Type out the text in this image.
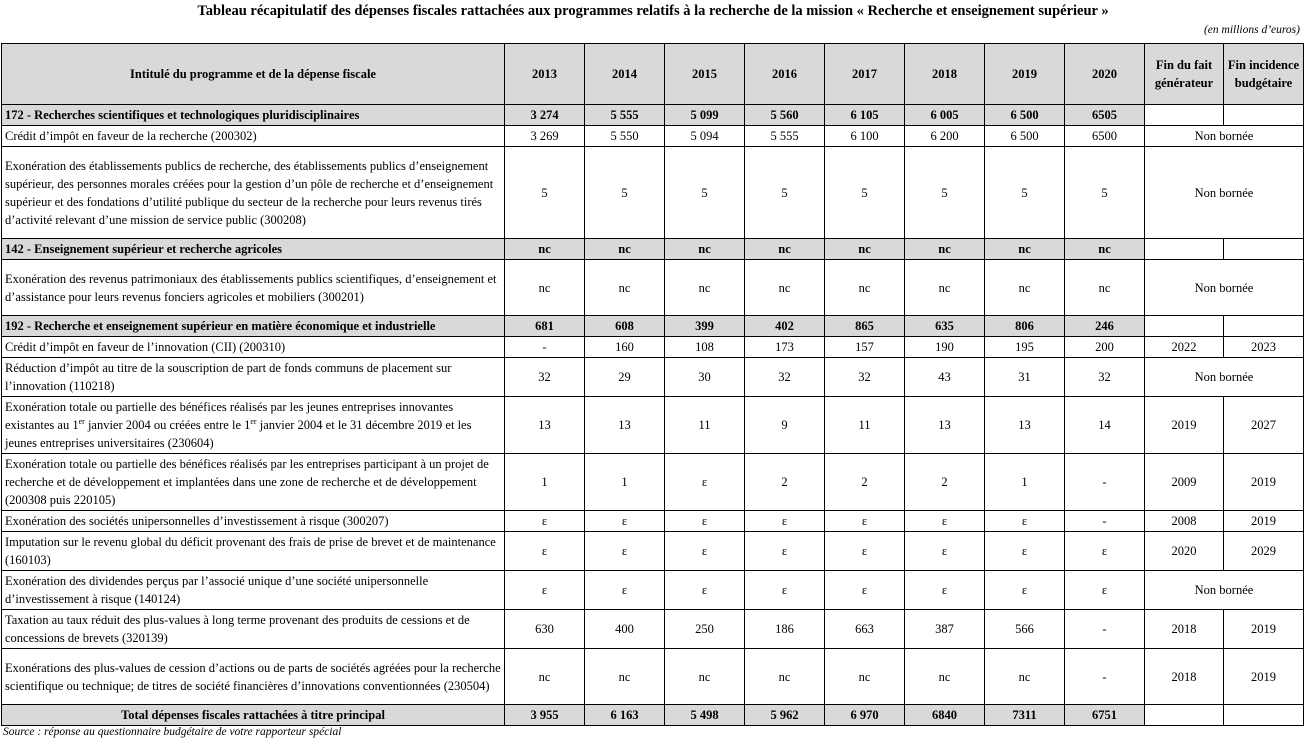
Tableau récapitulatif des dépenses fiscales rattachées aux programmes relatifs à la recherche de la mission « Recherche et enseignement supérieur »
(en millions d’euros)
Intitulé du programme et de la dépense fiscale	2013	2014	2015	2016	2017	2018	2019	2020	Fin du fait générateur	Fin incidence budgétaire
172 - Recherches scientifiques et technologiques pluridisciplinaires	3 274	5 555	5 099	5 560	6 105	6 005	6 500	6505		
Crédit d’impôt en faveur de la recherche (200302)	3 269	5 550	5 094	5 555	6 100	6 200	6 500	6500	Non bornée	
Exonération des établissements publics de recherche, des établissements publics d’enseignement supérieur, des personnes morales créées pour la gestion d’un pôle de recherche et d’enseignement supérieur et des fondations d’utilité publique du secteur de la recherche pour leurs revenus tirés d’activité relevant d’une mission de service public (300208)	5	5	5	5	5	5	5	5	Non bornée	
142 - Enseignement supérieur et recherche agricoles	nc	nc	nc	nc	nc	nc	nc	nc		
Exonération des revenus patrimoniaux des établissements publics scientifiques, d’enseignement et d’assistance pour leurs revenus fonciers agricoles et mobiliers (300201)	nc	nc	nc	nc	nc	nc	nc	nc	Non bornée	
192 - Recherche et enseignement supérieur en matière économique et industrielle	681	608	399	402	865	635	806	246		
Crédit d’impôt en faveur de l’innovation (CII) (200310)	-	160	108	173	157	190	195	200	2022	2023
Réduction d’impôt au titre de la souscription de part de fonds communs de placement sur l’innovation (110218)	32	29	30	32	32	43	31	32	Non bornée	
Exonération totale ou partielle des bénéfices réalisés par les jeunes entreprises innovantes existantes au 1er janvier 2004 ou créées entre le 1er janvier 2004 et le 31 décembre 2019 et les jeunes entreprises universitaires (230604)	13	13	11	9	11	13	13	14	2019	2027
Exonération totale ou partielle des bénéfices réalisés par les entreprises participant à un projet de recherche et de développement et implantées dans une zone de recherche et de développement (200308 puis 220105)	1	1	ε	2	2	2	1	-	2009	2019
Exonération des sociétés unipersonnelles d’investissement à risque (300207)	ε	ε	ε	ε	ε	ε	ε	-	2008	2019
Imputation sur le revenu global du déficit provenant des frais de prise de brevet et de maintenance (160103)	ε	ε	ε	ε	ε	ε	ε	ε	2020	2029
Exonération des dividendes perçus par l’associé unique d’une société unipersonnelle d’investissement à risque (140124)	ε	ε	ε	ε	ε	ε	ε	ε	Non bornée	
Taxation au taux réduit des plus-values à long terme provenant des produits de cessions et de concessions de brevets (320139)	630	400	250	186	663	387	566	-	2018	2019
Exonérations des plus-values de cession d’actions ou de parts de sociétés agréées pour la recherche scientifique ou technique; de titres de société financières d’innovations conventionnées (230504)	nc	nc	nc	nc	nc	nc	nc	-	2018	2019
Total dépenses fiscales rattachées à titre principal	3 955	6 163	5 498	5 962	6 970	6840	7311	6751		
Source : réponse au questionnaire budgétaire de votre rapporteur spécial
